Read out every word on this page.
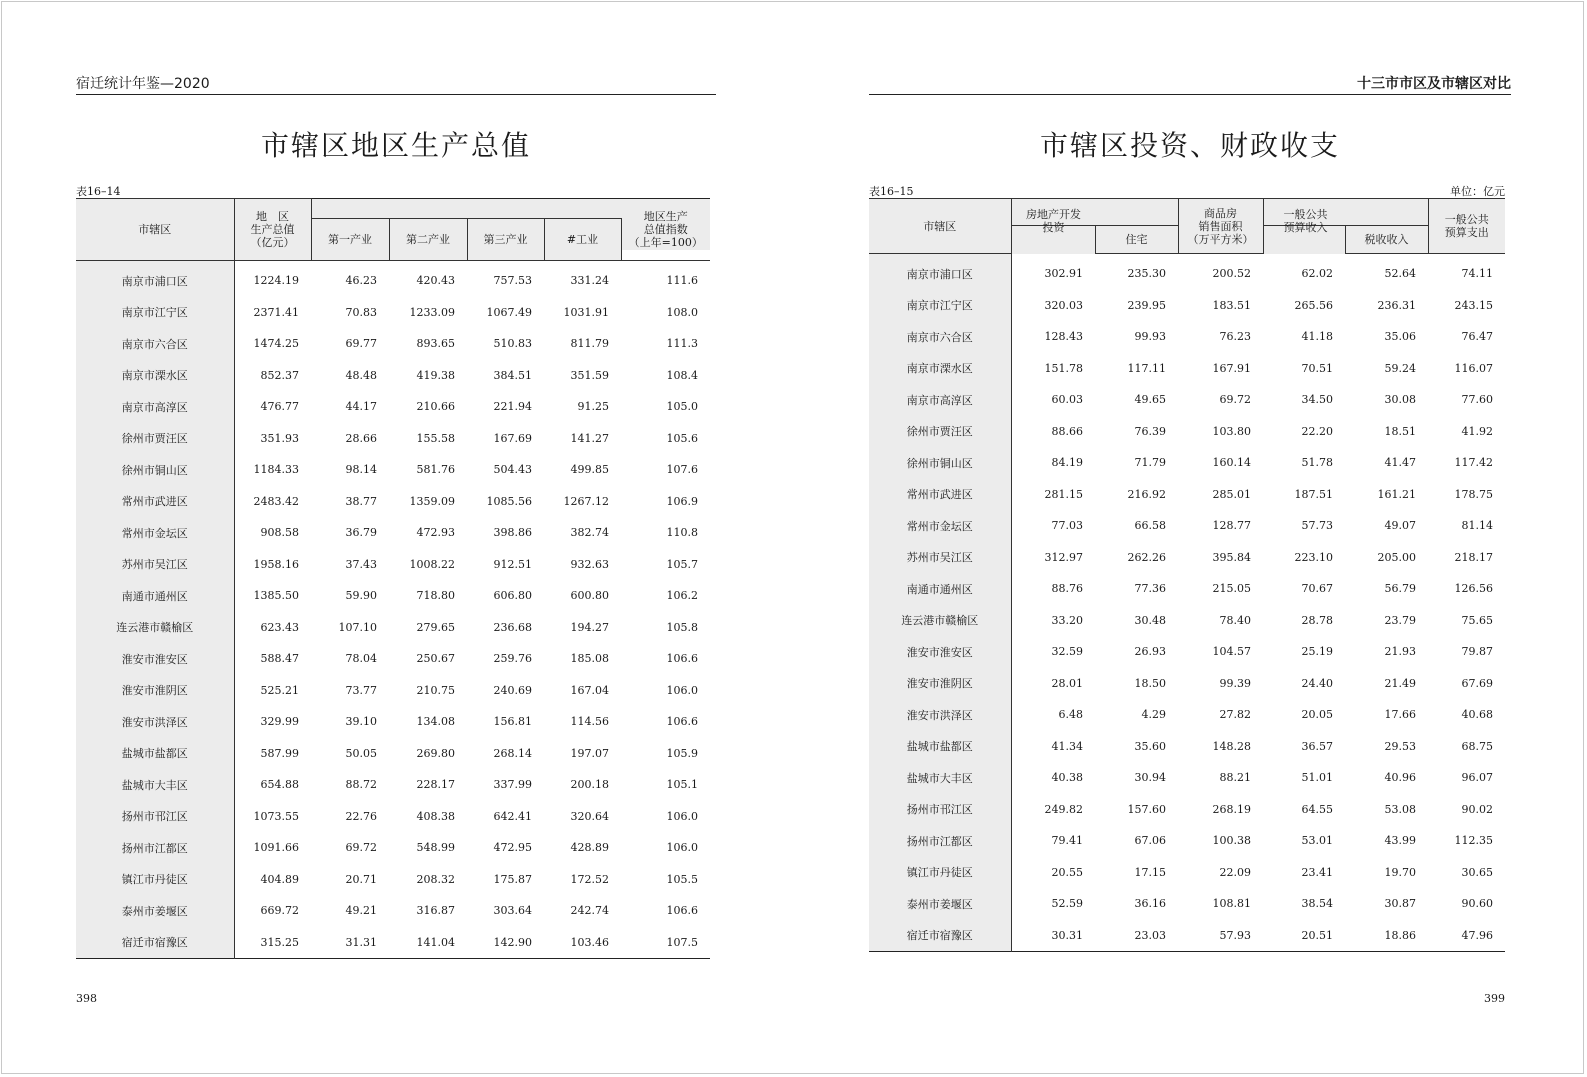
宿迁统计年鉴—2020
市辖区地区生产总值
表16–14
市辖区	地　区
生产总值
（亿元）					
		第一产业	第二产业	第三产业	#工业	地区生产
总值指数
（上年=100）
南京市浦口区	1224.19	46.23	420.43	757.53	331.24	111.6
南京市江宁区	2371.41	70.83	1233.09	1067.49	1031.91	108.0
南京市六合区	1474.25	69.77	893.65	510.83	811.79	111.3
南京市溧水区	852.37	48.48	419.38	384.51	351.59	108.4
南京市高淳区	476.77	44.17	210.66	221.94	91.25	105.0
徐州市贾汪区	351.93	28.66	155.58	167.69	141.27	105.6
徐州市铜山区	1184.33	98.14	581.76	504.43	499.85	107.6
常州市武进区	2483.42	38.77	1359.09	1085.56	1267.12	106.9
常州市金坛区	908.58	36.79	472.93	398.86	382.74	110.8
苏州市吴江区	1958.16	37.43	1008.22	912.51	932.63	105.7
南通市通州区	1385.50	59.90	718.80	606.80	600.80	106.2
连云港市赣榆区	623.43	107.10	279.65	236.68	194.27	105.8
淮安市淮安区	588.47	78.04	250.67	259.76	185.08	106.6
淮安市淮阴区	525.21	73.77	210.75	240.69	167.04	106.0
淮安市洪泽区	329.99	39.10	134.08	156.81	114.56	106.6
盐城市盐都区	587.99	50.05	269.80	268.14	197.07	105.9
盐城市大丰区	654.88	88.72	228.17	337.99	200.18	105.1
扬州市邗江区	1073.55	22.76	408.38	642.41	320.64	106.0
扬州市江都区	1091.66	69.72	548.99	472.95	428.89	106.0
镇江市丹徒区	404.89	20.71	208.32	175.87	172.52	105.5
泰州市姜堰区	669.72	49.21	316.87	303.64	242.74	106.6
宿迁市宿豫区	315.25	31.31	141.04	142.90	103.46	107.5
398
十三市市区及市辖区对比
市辖区投资、财政收支
表16–15	单位：亿元
市辖区	房地产开发
投资		商品房
销售面积
（万平方米）	一般公共
预算收入		一般公共
预算支出
		住宅			税收收入	
南京市浦口区	302.91	235.30	200.52	62.02	52.64	74.11
南京市江宁区	320.03	239.95	183.51	265.56	236.31	243.15
南京市六合区	128.43	99.93	76.23	41.18	35.06	76.47
南京市溧水区	151.78	117.11	167.91	70.51	59.24	116.07
南京市高淳区	60.03	49.65	69.72	34.50	30.08	77.60
徐州市贾汪区	88.66	76.39	103.80	22.20	18.51	41.92
徐州市铜山区	84.19	71.79	160.14	51.78	41.47	117.42
常州市武进区	281.15	216.92	285.01	187.51	161.21	178.75
常州市金坛区	77.03	66.58	128.77	57.73	49.07	81.14
苏州市吴江区	312.97	262.26	395.84	223.10	205.00	218.17
南通市通州区	88.76	77.36	215.05	70.67	56.79	126.56
连云港市赣榆区	33.20	30.48	78.40	28.78	23.79	75.65
淮安市淮安区	32.59	26.93	104.57	25.19	21.93	79.87
淮安市淮阴区	28.01	18.50	99.39	24.40	21.49	67.69
淮安市洪泽区	6.48	4.29	27.82	20.05	17.66	40.68
盐城市盐都区	41.34	35.60	148.28	36.57	29.53	68.75
盐城市大丰区	40.38	30.94	88.21	51.01	40.96	96.07
扬州市邗江区	249.82	157.60	268.19	64.55	53.08	90.02
扬州市江都区	79.41	67.06	100.38	53.01	43.99	112.35
镇江市丹徒区	20.55	17.15	22.09	23.41	19.70	30.65
泰州市姜堰区	52.59	36.16	108.81	38.54	30.87	90.60
宿迁市宿豫区	30.31	23.03	57.93	20.51	18.86	47.96
399
